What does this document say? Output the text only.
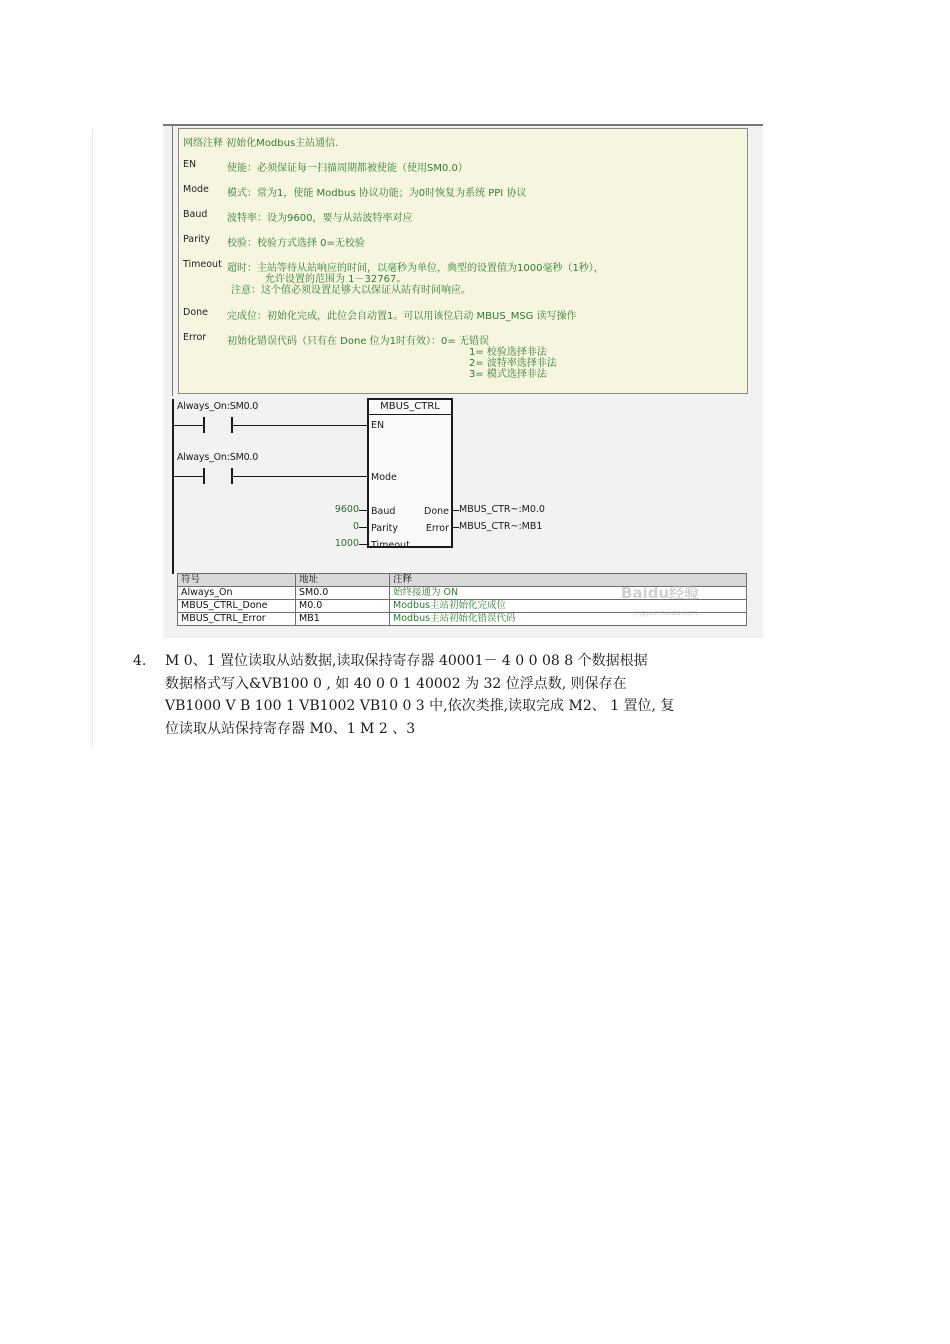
网络注释 初始化Modbus主站通信.
EN	使能：必须保证每一扫描周期都被使能（使用SM0.0）
Mode 模式：常为1，使能 Modbus 协议功能；为0时恢复为系统 PPI 协议
Baud 波特率：设为9600，要与从站波特率对应
Parity 校验：校验方式选择 0=无校验
Timeout 超时：主站等待从站响应的时间，以毫秒为单位，典型的设置值为1000毫秒（1秒），
允许设置的范围为 1－32767。
注意：这个值必须设置足够大以保证从站有时间响应。
Done 完成位：初始化完成，此位会自动置1。可以用该位启动 MBUS_MSG 读写操作
Error 初始化错误代码（只有在 Done 位为1时有效）：0= 无错误
1= 校验选择非法
2= 波特率选择非法
3= 模式选择非法
Always_On:SM0.0
Always_On:SM0.0
MBUS_CTRL
EN
Mode
Baud
Parity
Timeout
Done
Error
9600
0
1000
MBUS_CTR~:M0.0
MBUS_CTR~:MB1
符号	地址	注释
Always_On	SM0.0	始终接通为 ON
MBUS_CTRL_Done	M0.0	Modbus主站初始化完成位
MBUS_CTRL_Error	MB1	Modbus主站初始化错误代码
Baidu经验
jingyan.baidu.com
4. M 0、1 置位读取从站数据,读取保持寄存器 40001－ 4 0 0 08 8 个数据根据
数据格式写入&VB100 0 , 如 40 0 0 1 40002 为 32 位浮点数, 则保存在
VB1000 V B 100 1 VB1002 VB10 0 3 中,依次类推,读取完成 M2、 1 置位, 复
位读取从站保持寄存器 M0、1 M 2 、3
